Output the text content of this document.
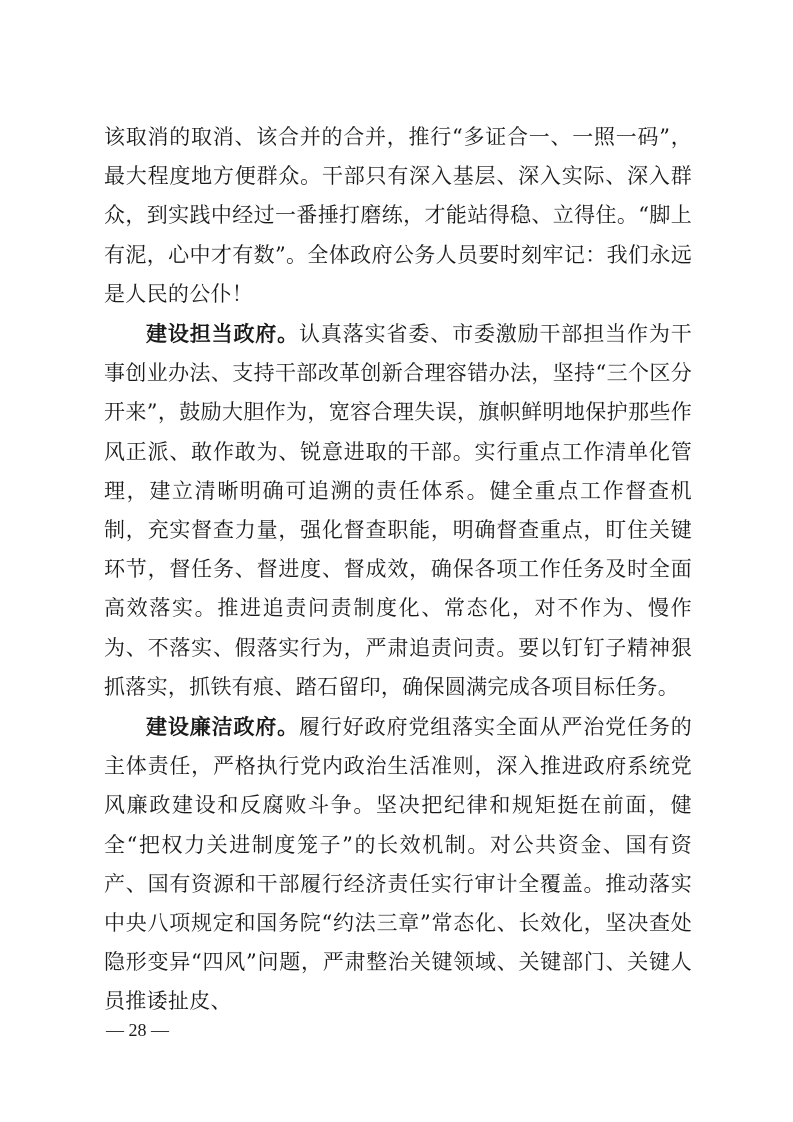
该取消的取消、该合并的合并，推行“多证合一、一照一码”，最大程度地方便群众。干部只有深入基层、深入实际、深入群众，到实践中经过一番捶打磨练，才能站得稳、立得住。“脚上有泥，心中才有数”。全体政府公务人员要时刻牢记：我们永远是人民的公仆！

建设担当政府。认真落实省委、市委激励干部担当作为干事创业办法、支持干部改革创新合理容错办法，坚持“三个区分开来”，鼓励大胆作为，宽容合理失误，旗帜鲜明地保护那些作风正派、敢作敢为、锐意进取的干部。实行重点工作清单化管理，建立清晰明确可追溯的责任体系。健全重点工作督查机制，充实督查力量，强化督查职能，明确督查重点，盯住关键环节，督任务、督进度、督成效，确保各项工作任务及时全面高效落实。推进追责问责制度化、常态化，对不作为、慢作为、不落实、假落实行为，严肃追责问责。要以钉钉子精神狠抓落实，抓铁有痕、踏石留印，确保圆满完成各项目标任务。

建设廉洁政府。履行好政府党组落实全面从严治党任务的主体责任，严格执行党内政治生活准则，深入推进政府系统党风廉政建设和反腐败斗争。坚决把纪律和规矩挺在前面，健全“把权力关进制度笼子”的长效机制。对公共资金、国有资产、国有资源和干部履行经济责任实行审计全覆盖。推动落实中央八项规定和国务院“约法三章”常态化、长效化，坚决查处隐形变异“四风”问题，严肃整治关键领域、关键部门、关键人员推诿扯皮、

— 28 —
